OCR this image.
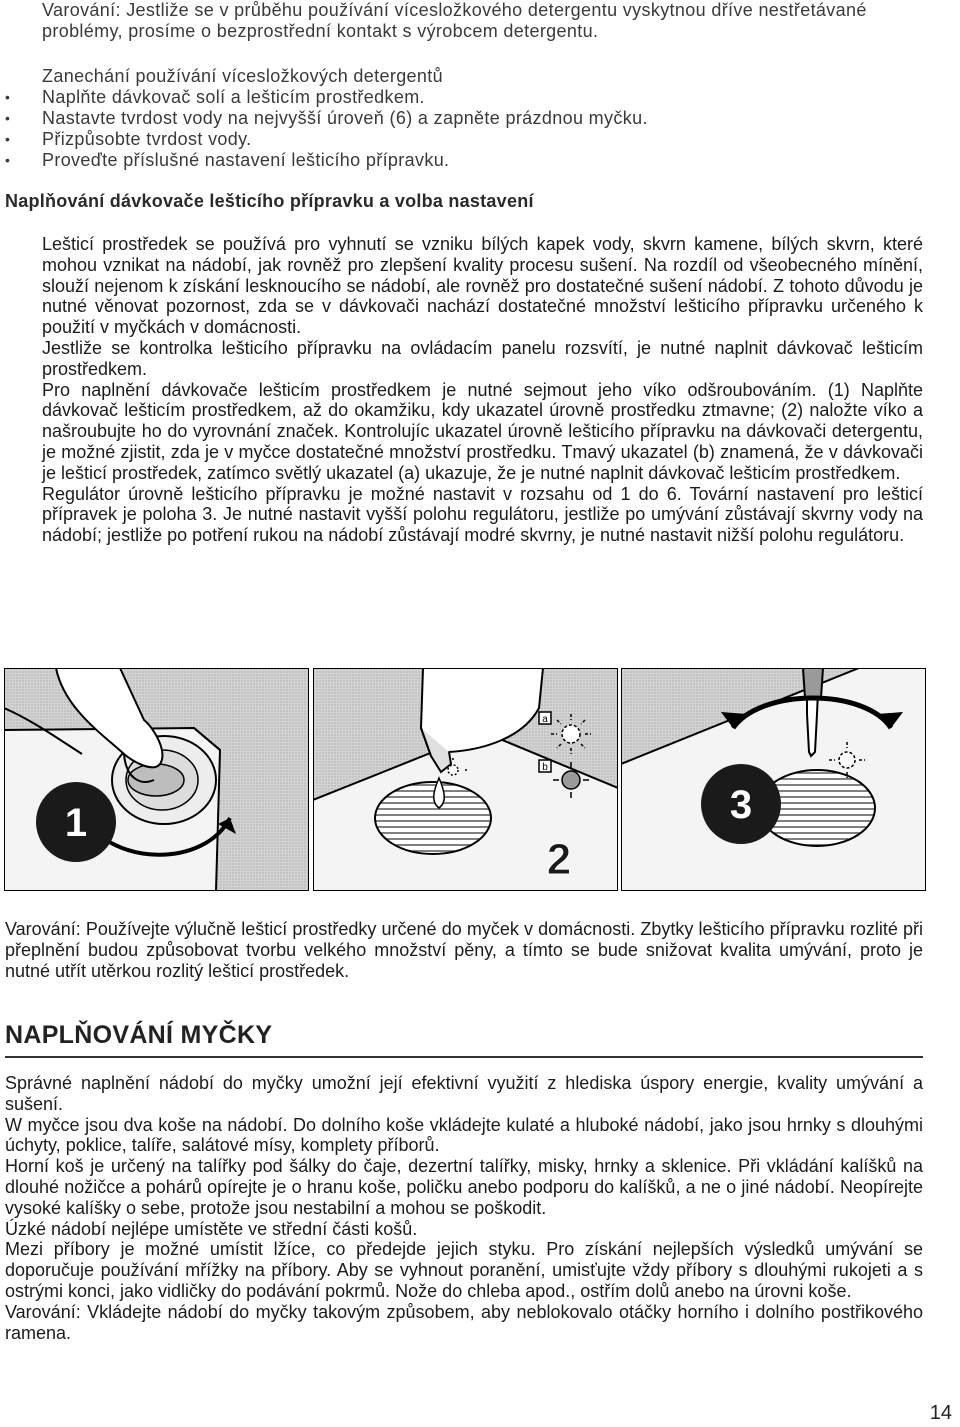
Varování: Jestliže se v průběhu používání vícesložkového detergentu vyskytnou dříve nestřetávané problémy, prosíme o bezprostřední kontakt s výrobcem detergentu.

Zanechání používání vícesložkových detergentů
• Naplňte dávkovač solí a lešticím prostředkem.
• Nastavte tvrdost vody na nejvyšší úroveň (6) a zapněte prázdnou myčku.
• Přizpůsobte tvrdost vody.
• Proveďte příslušné nastavení lešticího přípravku.
Naplňování dávkovače lešticího přípravku a volba nastavení

Lešticí prostředek se používá pro vyhnutí se vzniku bílých kapek vody, skvrn kamene, bílých skvrn, které mohou vznikat na nádobí, jak rovněž pro zlepšení kvality procesu sušení. Na rozdíl od všeobecného mínění, slouží nejenom k získání lesknoucího se nádobí, ale rovněž pro dostatečné sušení nádobí. Z tohoto důvodu je nutné věnovat pozornost, zda se v dávkovači nachází dostatečné množství lešticího přípravku určeného k použití v myčkách v domácnosti.

Jestliže se kontrolka lešticího přípravku na ovládacím panelu rozsvítí, je nutné naplnit dávkovač lešticím prostředkem.

Pro naplnění dávkovače lešticím prostředkem je nutné sejmout jeho víko odšroubováním. (1) Naplňte dávkovač lešticím prostředkem, až do okamžiku, kdy ukazatel úrovně prostředku ztmavne; (2) naložte víko a našroubujte ho do vyrovnání značek. Kontrolujíc ukazatel úrovně lešticího přípravku na dávkovači detergentu, je možné zjistit, zda je v myčce dostatečné množství prostředku. Tmavý ukazatel (b) znamená, že v dávkovači je lešticí prostředek, zatímco světlý ukazatel (a) ukazuje, že je nutné naplnit dávkovač lešticím prostředkem.

Regulátor úrovně lešticího přípravku je možné nastavit v rozsahu od 1 do 6. Tovární nastavení pro lešticí přípravek je poloha 3. Je nutné nastavit vyšší polohu regulátoru, jestliže po umývání zůstávají skvrny vody na nádobí; jestliže po potření rukou na nádobí zůstávají modré skvrny, je nutné nastavit nižší polohu regulátoru.

1
a
b
2
3

Varování: Používejte výlučně lešticí prostředky určené do myček v domácnosti. Zbytky lešticího přípravku rozlité při přeplnění budou způsobovat tvorbu velkého množství pěny, a tímto se bude snižovat kvalita umývání, proto je nutné utřít utěrkou rozlitý lešticí prostředek.

NAPLŇOVÁNÍ MYČKY

Správné naplnění nádobí do myčky umožní její efektivní využití z hlediska úspory energie, kvality umývání a sušení.

W myčce jsou dva koše na nádobí. Do dolního koše vkládejte kulaté a hluboké nádobí, jako jsou hrnky s dlouhými úchyty, poklice, talíře, salátové mísy, komplety příborů.

Horní koš je určený na talířky pod šálky do čaje, dezertní talířky, misky, hrnky a sklenice. Při vkládání kalíšků na dlouhé nožičce a pohárů opírejte je o hranu koše, poličku anebo podporu do kalíšků, a ne o jiné nádobí. Neopírejte vysoké kalíšky o sebe, protože jsou nestabilní a mohou se poškodit.

Úzké nádobí nejlépe umístěte ve střední části košů.

Mezi příbory je možné umístit lžíce, co předejde jejich styku. Pro získání nejlepších výsledků umývání se doporučuje používání mřížky na příbory. Aby se vyhnout poranění, umisťujte vždy příbory s dlouhými rukojeti a s ostrými konci, jako vidličky do podávání pokrmů. Nože do chleba apod., ostřím dolů anebo na úrovni koše.

Varování: Vkládejte nádobí do myčky takovým způsobem, aby neblokovalo otáčky horního i dolního postřikového ramena.

14
